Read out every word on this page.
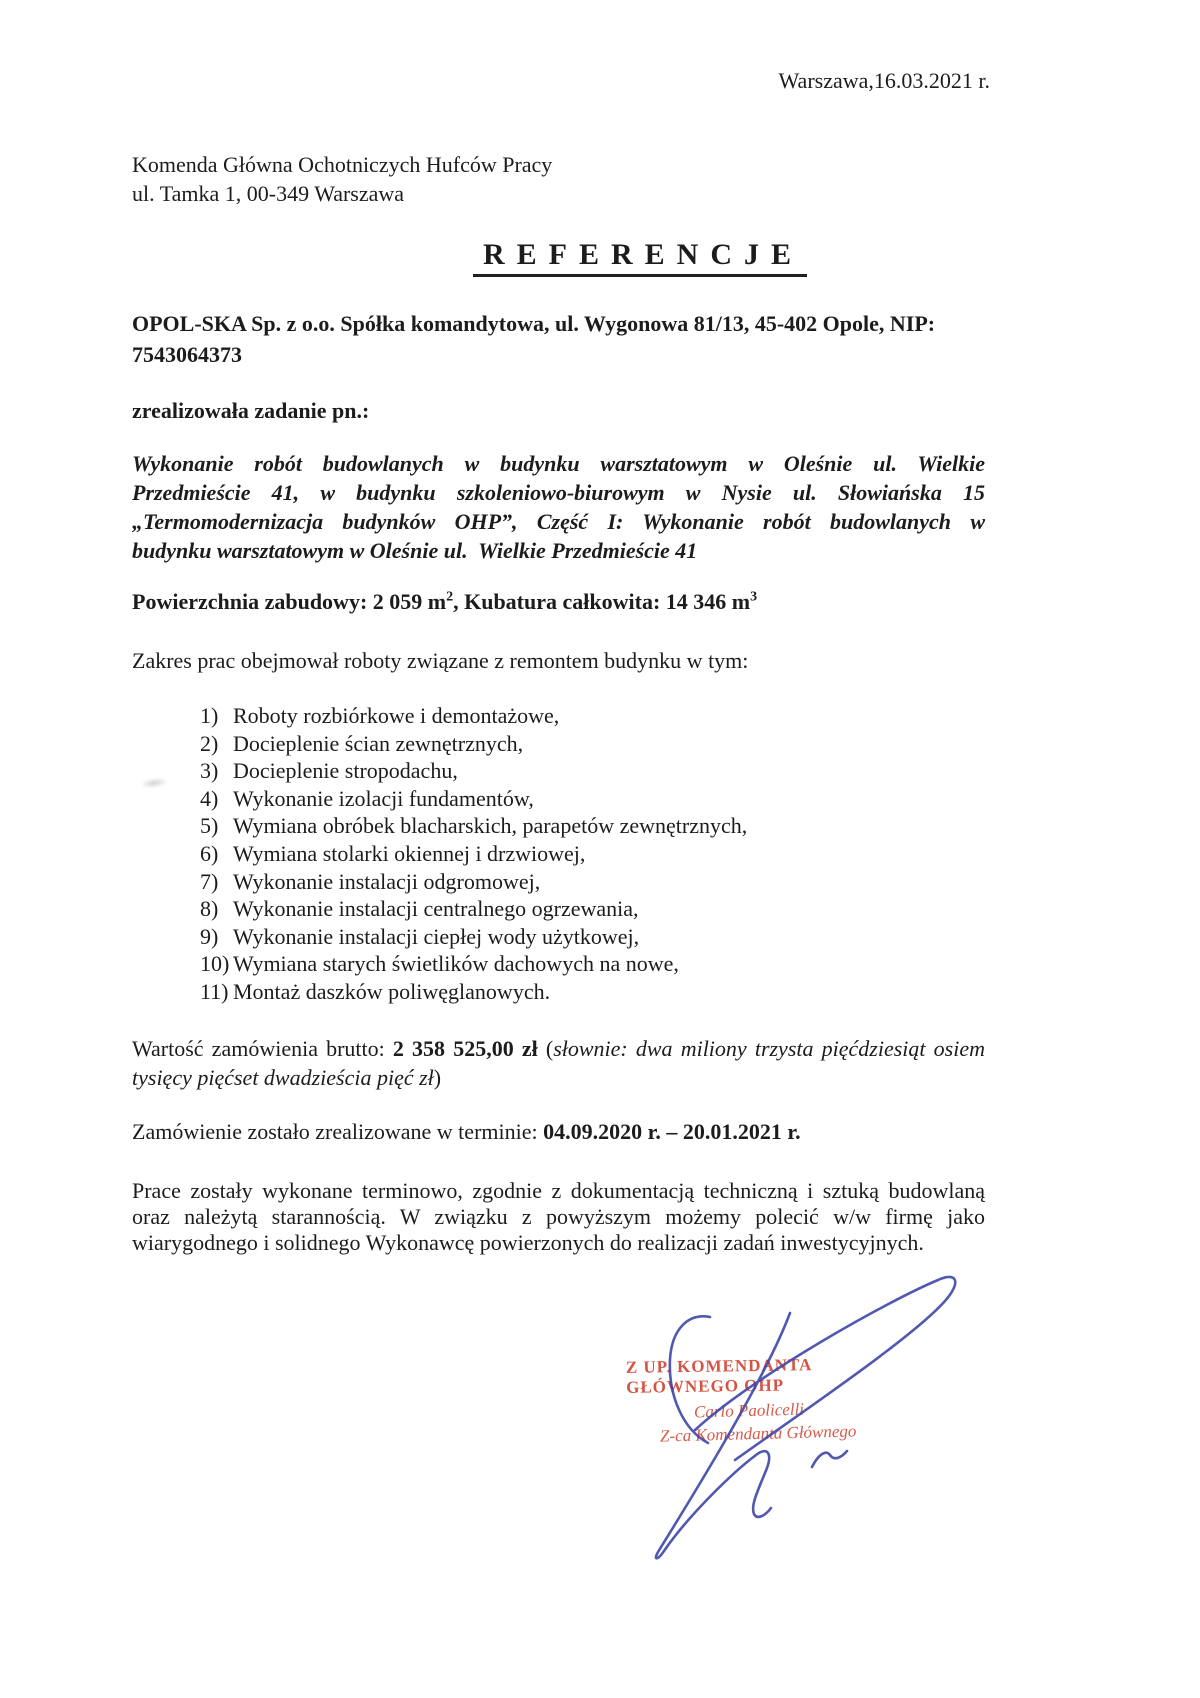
Warszawa,16.03.2021 r.
Komenda Główna Ochotniczych Hufców Pracy
ul. Tamka 1, 00-349 Warszawa
REFERENCJE
OPOL-SKA Sp. z o.o. Spółka komandytowa, ul. Wygonowa 81/13, 45-402 Opole, NIP:
7543064373
zrealizowała zadanie pn.:
Wykonanie robót budowlanych w budynku warsztatowym w Oleśnie ul. Wielkie
Przedmieście 41, w budynku szkoleniowo-biurowym w Nysie ul. Słowiańska 15
„Termomodernizacja budynków OHP”, Część I: Wykonanie robót budowlanych w
budynku warsztatowym w Oleśnie ul.  Wielkie Przedmieście 41
Powierzchnia zabudowy: 2 059 $m^2$, Kubatura całkowita: 14 346 $m^3$
Zakres prac obejmował roboty związane z remontem budynku w tym:
1) Roboty rozbiórkowe i demontażowe,
2) Docieplenie ścian zewnętrznych,
3) Docieplenie stropodachu,
4) Wykonanie izolacji fundamentów,
5) Wymiana obróbek blacharskich, parapetów zewnętrznych,
6) Wymiana stolarki okiennej i drzwiowej,
7) Wykonanie instalacji odgromowej,
8) Wykonanie instalacji centralnego ogrzewania,
9) Wykonanie instalacji ciepłej wody użytkowej,
10) Wymiana starych świetlików dachowych na nowe,
11) Montaż daszków poliwęglanowych.
Wartość zamówienia brutto: 2 358 525,00 zł (słownie: dwa miliony trzysta pięćdziesiąt osiem tysięcy pięćset dwadzieścia pięć zł)
Zamówienie zostało zrealizowane w terminie: 04.09.2020 r. – 20.01.2021 r.
Prace zostały wykonane terminowo, zgodnie z dokumentacją techniczną i sztuką budowlaną
oraz należytą starannością. W związku z powyższym możemy polecić w/w firmę jako
wiarygodnego i solidnego Wykonawcę powierzonych do realizacji zadań inwestycyjnych.
Z UP. KOMENDANTA GŁÓWNEGO OHP
Carlo Paolicelli
Z-ca Komendanta Głównego
